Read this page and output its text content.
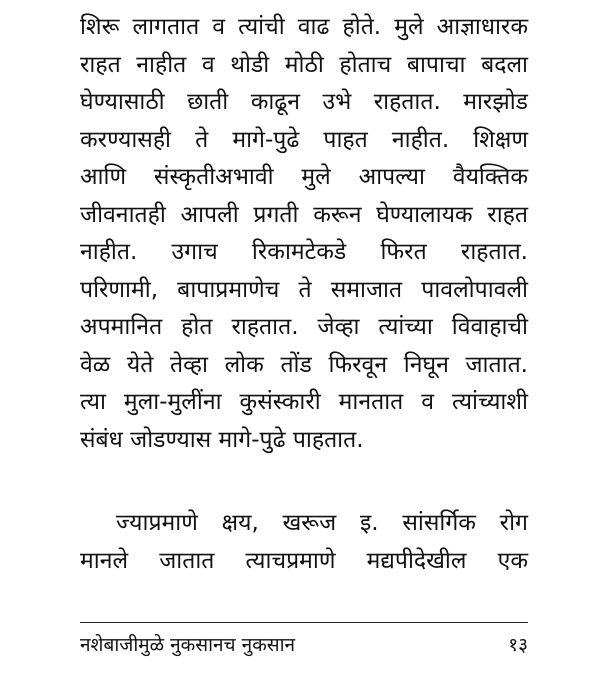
शिरू लागतात व त्यांची वाढ होते. मुले आज्ञाधारक
राहत नाहीत व थोडी मोठी होताच बापाचा बदला
घेण्यासाठी छाती काढून उभे राहतात. मारझोड
करण्यासही ते मागे-पुढे पाहत नाहीत. शिक्षण
आणि संस्कृतीअभावी मुले आपल्या वैयक्तिक
जीवनातही आपली प्रगती करून घेण्यालायक राहत
नाहीत. उगाच रिकामटेकडे फिरत राहतात.
परिणामी, बापाप्रमाणेच ते समाजात पावलोपावली
अपमानित होत राहतात. जेव्हा त्यांच्या विवाहाची
वेळ येते तेव्हा लोक तोंड फिरवून निघून जातात.
त्या मुला-मुलींना कुसंस्कारी मानतात व त्यांच्याशी
संबंध जोडण्यास मागे-पुढे पाहतात.
ज्याप्रमाणे क्षय, खरूज इ. सांसर्गिक रोग
मानले जातात त्याचप्रमाणे मद्यपीदेखील एक
नशेबाजीमुळे नुकसानच नुकसान	१३
